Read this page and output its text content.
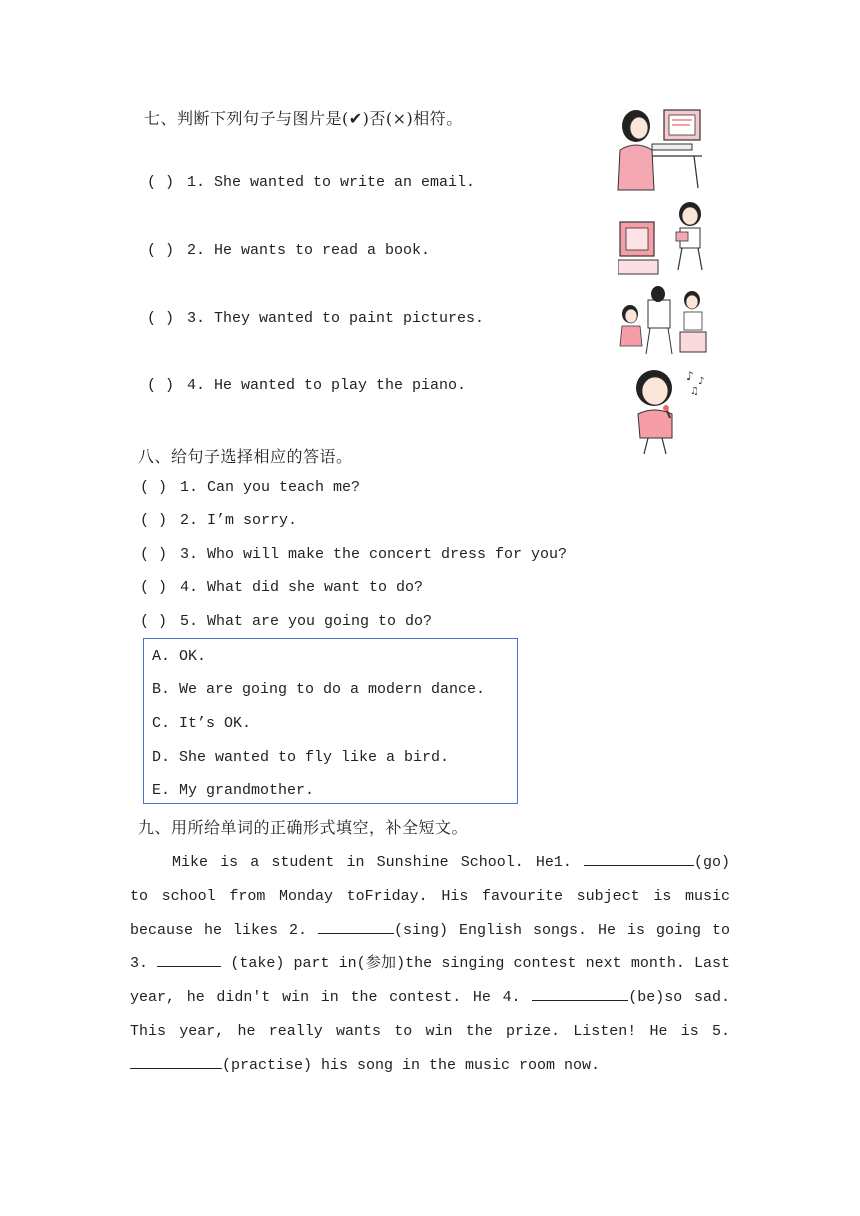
七、判断下列句子与图片是(✔)否(×)相符。
( ) 1. She wanted to write an email.
( ) 2. He wants to read a book.
( ) 3. They wanted to paint pictures.
( ) 4. He wanted to play the piano.
♪ ♪
♫
八、给句子选择相应的答语。
( ) 1. Can you teach me?
( ) 2. I’m sorry.
( ) 3. Who will make the concert dress for you?
( ) 4. What did she want to do?
( ) 5. What are you going to do?
A. OK.
B. We are going to do a modern dance.
C. It’s OK.
D. She wanted to fly like a bird.
E. My grandmother.
九、用所给单词的正确形式填空，补全短文。
Mike is a student in Sunshine School. He1.	(go) to school from Monday toFriday. His favourite subject is music because he likes 2.	(sing) English songs. He is going to 3.	(take) part in(参加)the singing contest next month. Last year, he didn't win in the contest. He 4.	(be)so sad. This year, he really wants to win the prize. Listen! He is 5. (practise) his song in the music room now.
